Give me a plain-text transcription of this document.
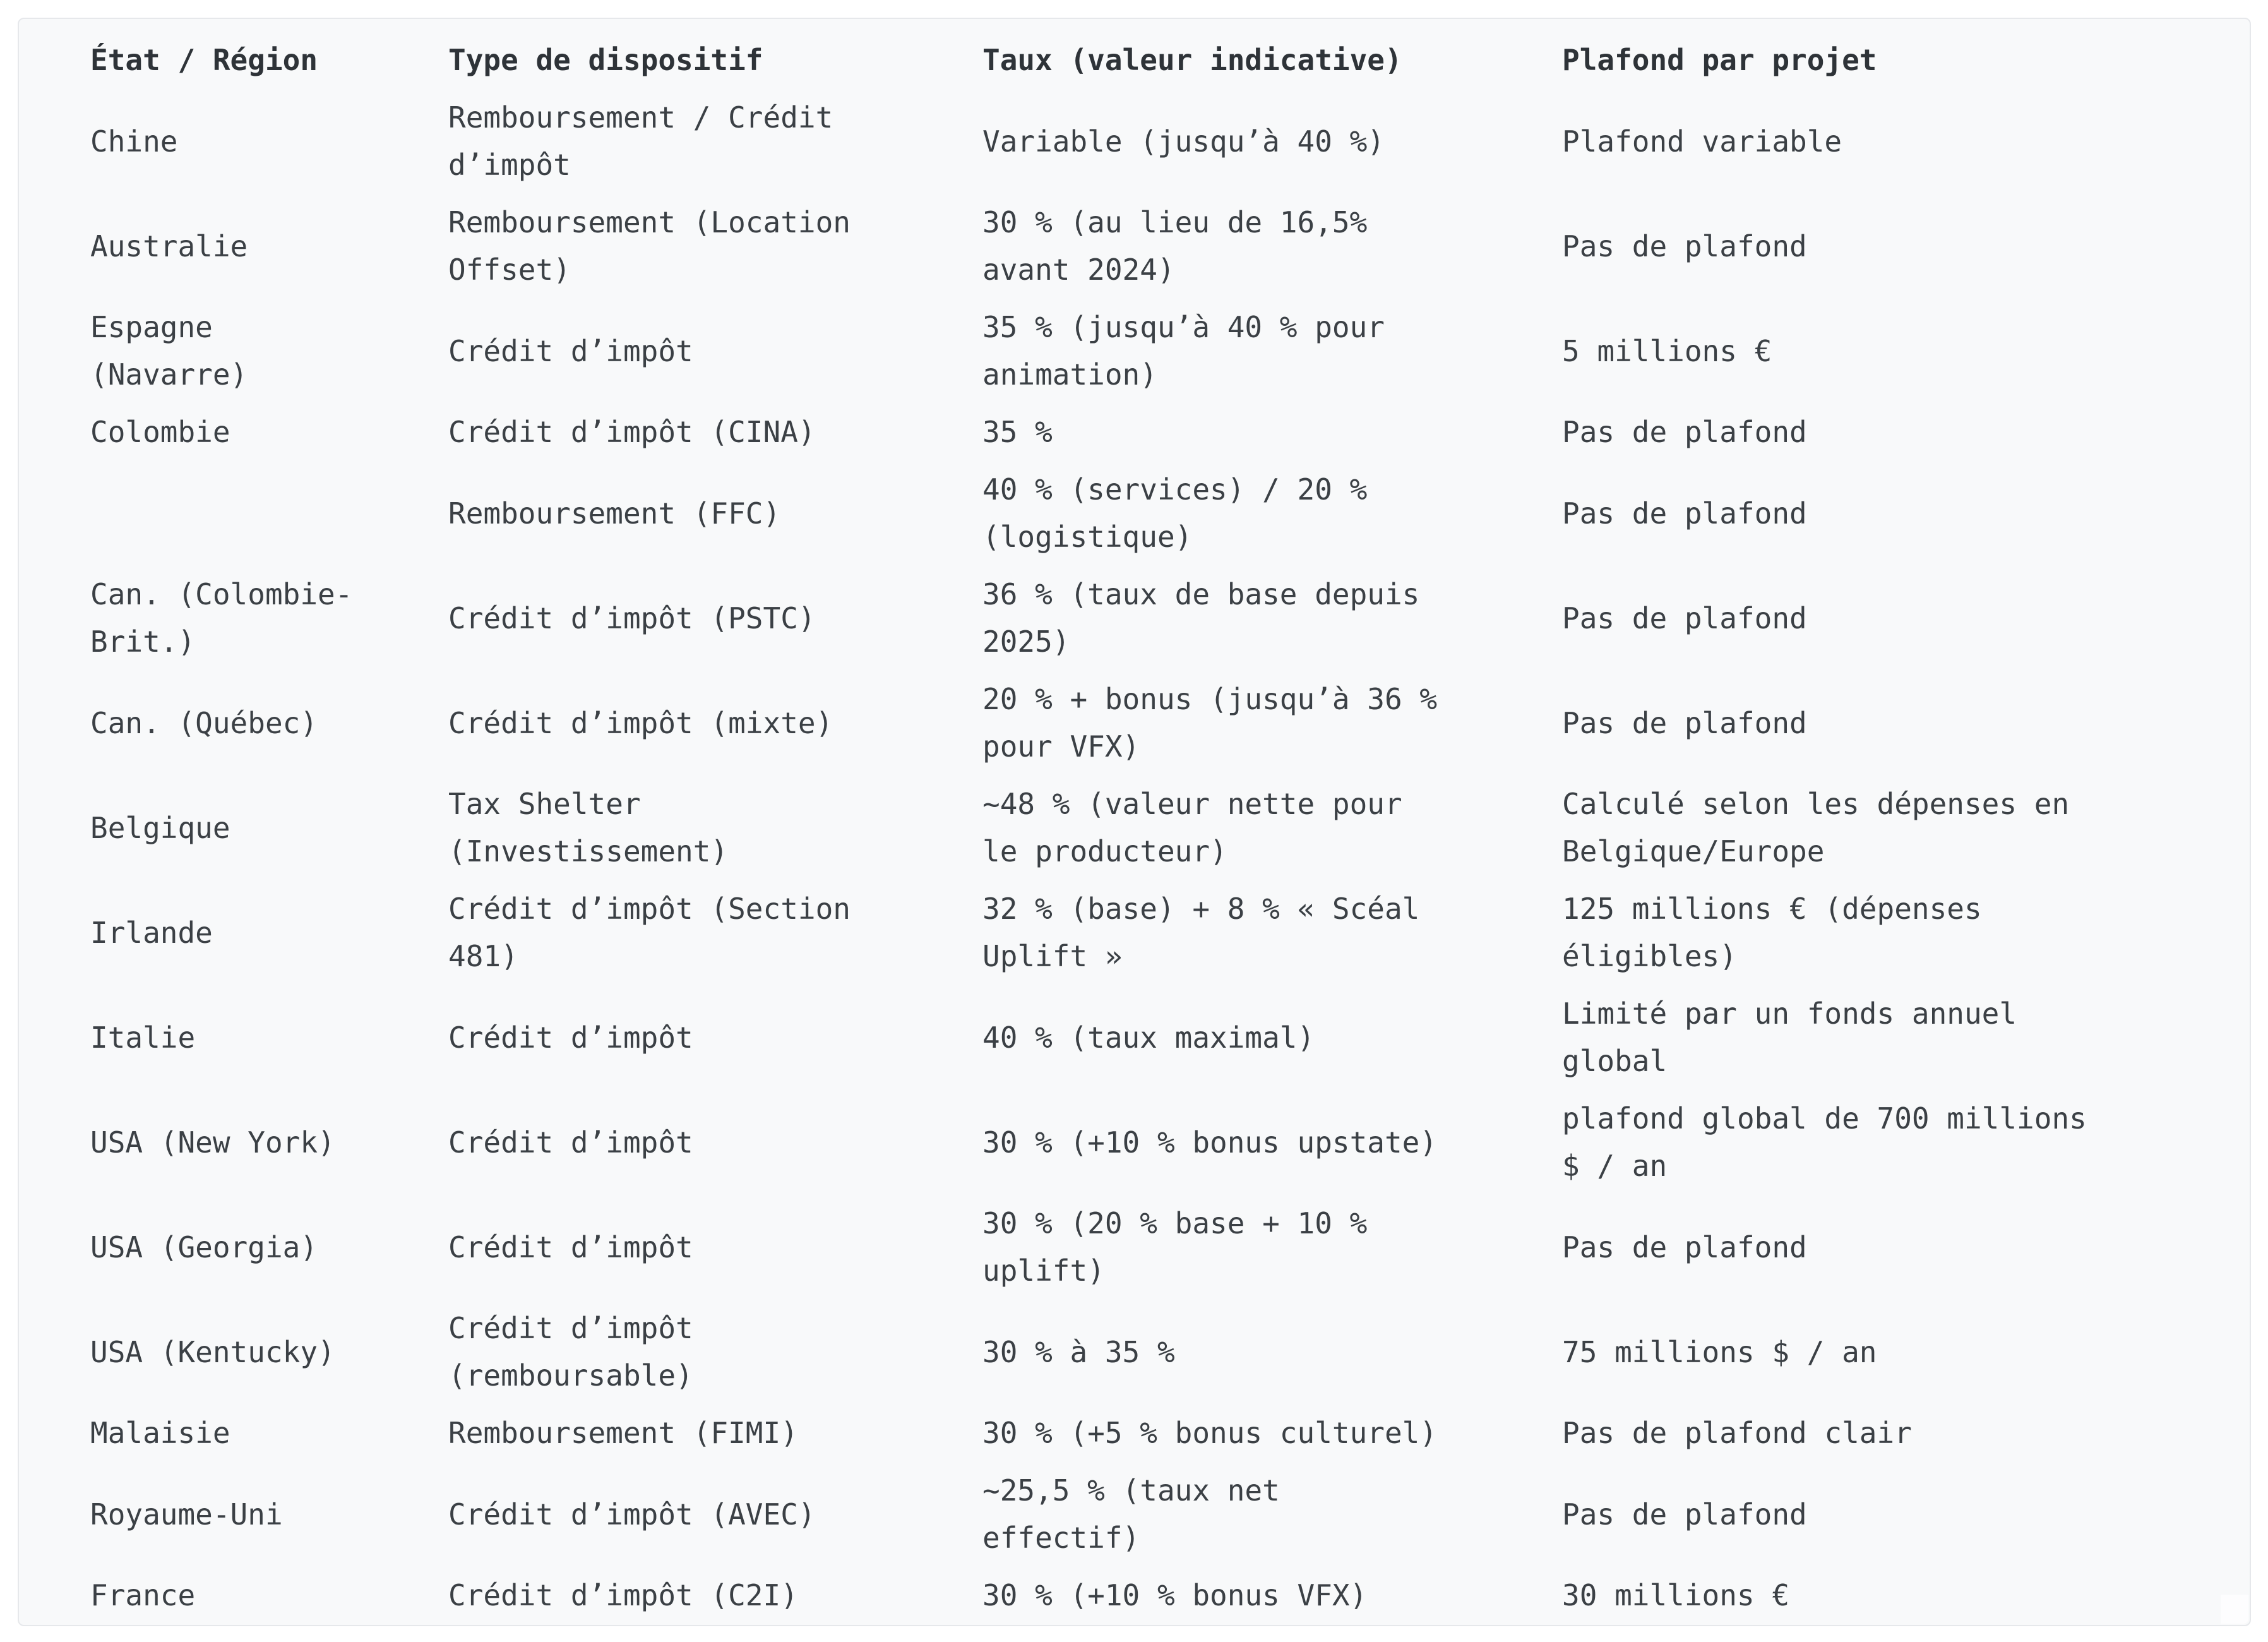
État / Région	Type de dispositif	Taux (valeur indicative)	Plafond par projet
Chine	Remboursement / Crédit d’impôt	Variable (jusqu’à 40 %)	Plafond variable
Australie	Remboursement (Location Offset)	30 % (au lieu de 16,5% avant 2024)	Pas de plafond
Espagne (Navarre)	Crédit d’impôt	35 % (jusqu’à 40 % pour animation)	5 millions €
Colombie	Crédit d’impôt (CINA)	35 %	Pas de plafond
	Remboursement (FFC)	40 % (services) / 20 % (logistique)	Pas de plafond
Can. (Colombie-Brit.)	Crédit d’impôt (PSTC)	36 % (taux de base depuis 2025)	Pas de plafond
Can. (Québec)	Crédit d’impôt (mixte)	20 % + bonus (jusqu’à 36 % pour VFX)	Pas de plafond
Belgique	Tax Shelter (Investissement)	~48 % (valeur nette pour le producteur)	Calculé selon les dépenses en Belgique/Europe
Irlande	Crédit d’impôt (Section 481)	32 % (base) + 8 % « Scéal Uplift »	125 millions € (dépenses éligibles)
Italie	Crédit d’impôt	40 % (taux maximal)	Limité par un fonds annuel global
USA (New York)	Crédit d’impôt	30 % (+10 % bonus upstate)	plafond global de 700 millions $ / an
USA (Georgia)	Crédit d’impôt	30 % (20 % base + 10 % uplift)	Pas de plafond
USA (Kentucky)	Crédit d’impôt (remboursable)	30 % à 35 %	75 millions $ / an
Malaisie	Remboursement (FIMI)	30 % (+5 % bonus culturel)	Pas de plafond clair
Royaume-Uni	Crédit d’impôt (AVEC)	~25,5 % (taux net effectif)	Pas de plafond
France	Crédit d’impôt (C2I)	30 % (+10 % bonus VFX)	30 millions €
